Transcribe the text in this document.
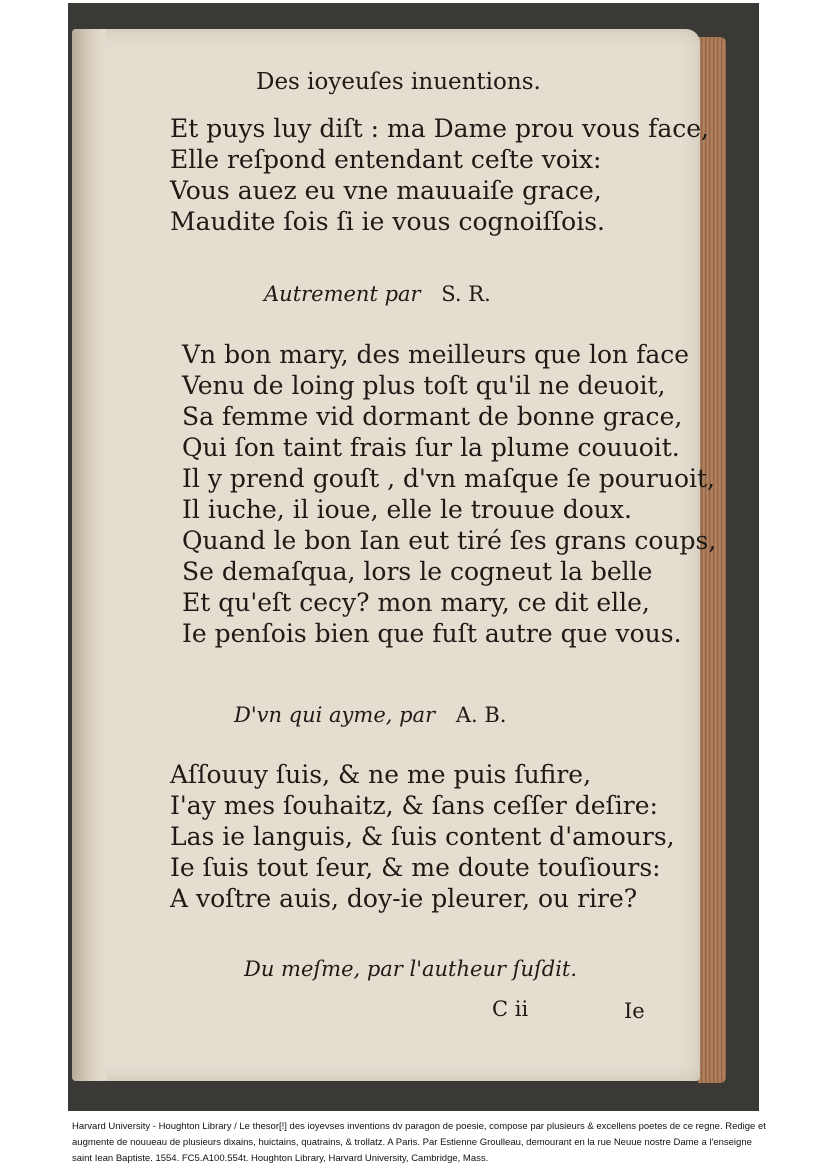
Des ioyeuſes inuentions.
Et puys luy diſt : ma Dame prou vous face,
Elle reſpond entendant ceſte voix:
Vous auez eu vne mauuaiſe grace,
Maudite ſois ſi ie vous cognoiſſois.
Autrement par S. R.
Vn bon mary, des meilleurs que lon face
Venu de loing plus toſt qu'il ne deuoit,
Sa femme vid dormant de bonne grace,
Qui ſon taint frais ſur la plume couuoit.
Il y prend gouſt , d'vn maſque ſe pouruoit,
Il iuche, il ioue, elle le trouue doux.
Quand le bon Ian eut tiré ſes grans coups,
Se demaſqua, lors le cogneut la belle
Et qu'eſt cecy? mon mary, ce dit elle,
Ie penſois bien que fuſt autre que vous.
D'vn qui ayme, par A. B.
Aſſouuy ſuis, & ne me puis ſufire,
I'ay mes ſouhaitz, & ſans ceſſer deſire:
Las ie languis, & ſuis content d'amours,
Ie ſuis tout ſeur, & me doute touſiours:
A voſtre auis, doy-ie pleurer, ou rire?
Du meſme, par l'autheur ſuſdit.
C ii	Ie
Harvard University - Houghton Library / Le thesor[!] des ioyevses inventions dv paragon de poesie, compose par plusieurs & excellens poetes de ce regne. Redige et augmente de nouueau de plusieurs dixains, huictains, quatrains, & trollatz. A Paris. Par Estienne Groulleau, demourant en la rue Neuue nostre Dame a l'enseigne saint Iean Baptiste. 1554. FC5.A100.554t. Houghton Library, Harvard University, Cambridge, Mass.
